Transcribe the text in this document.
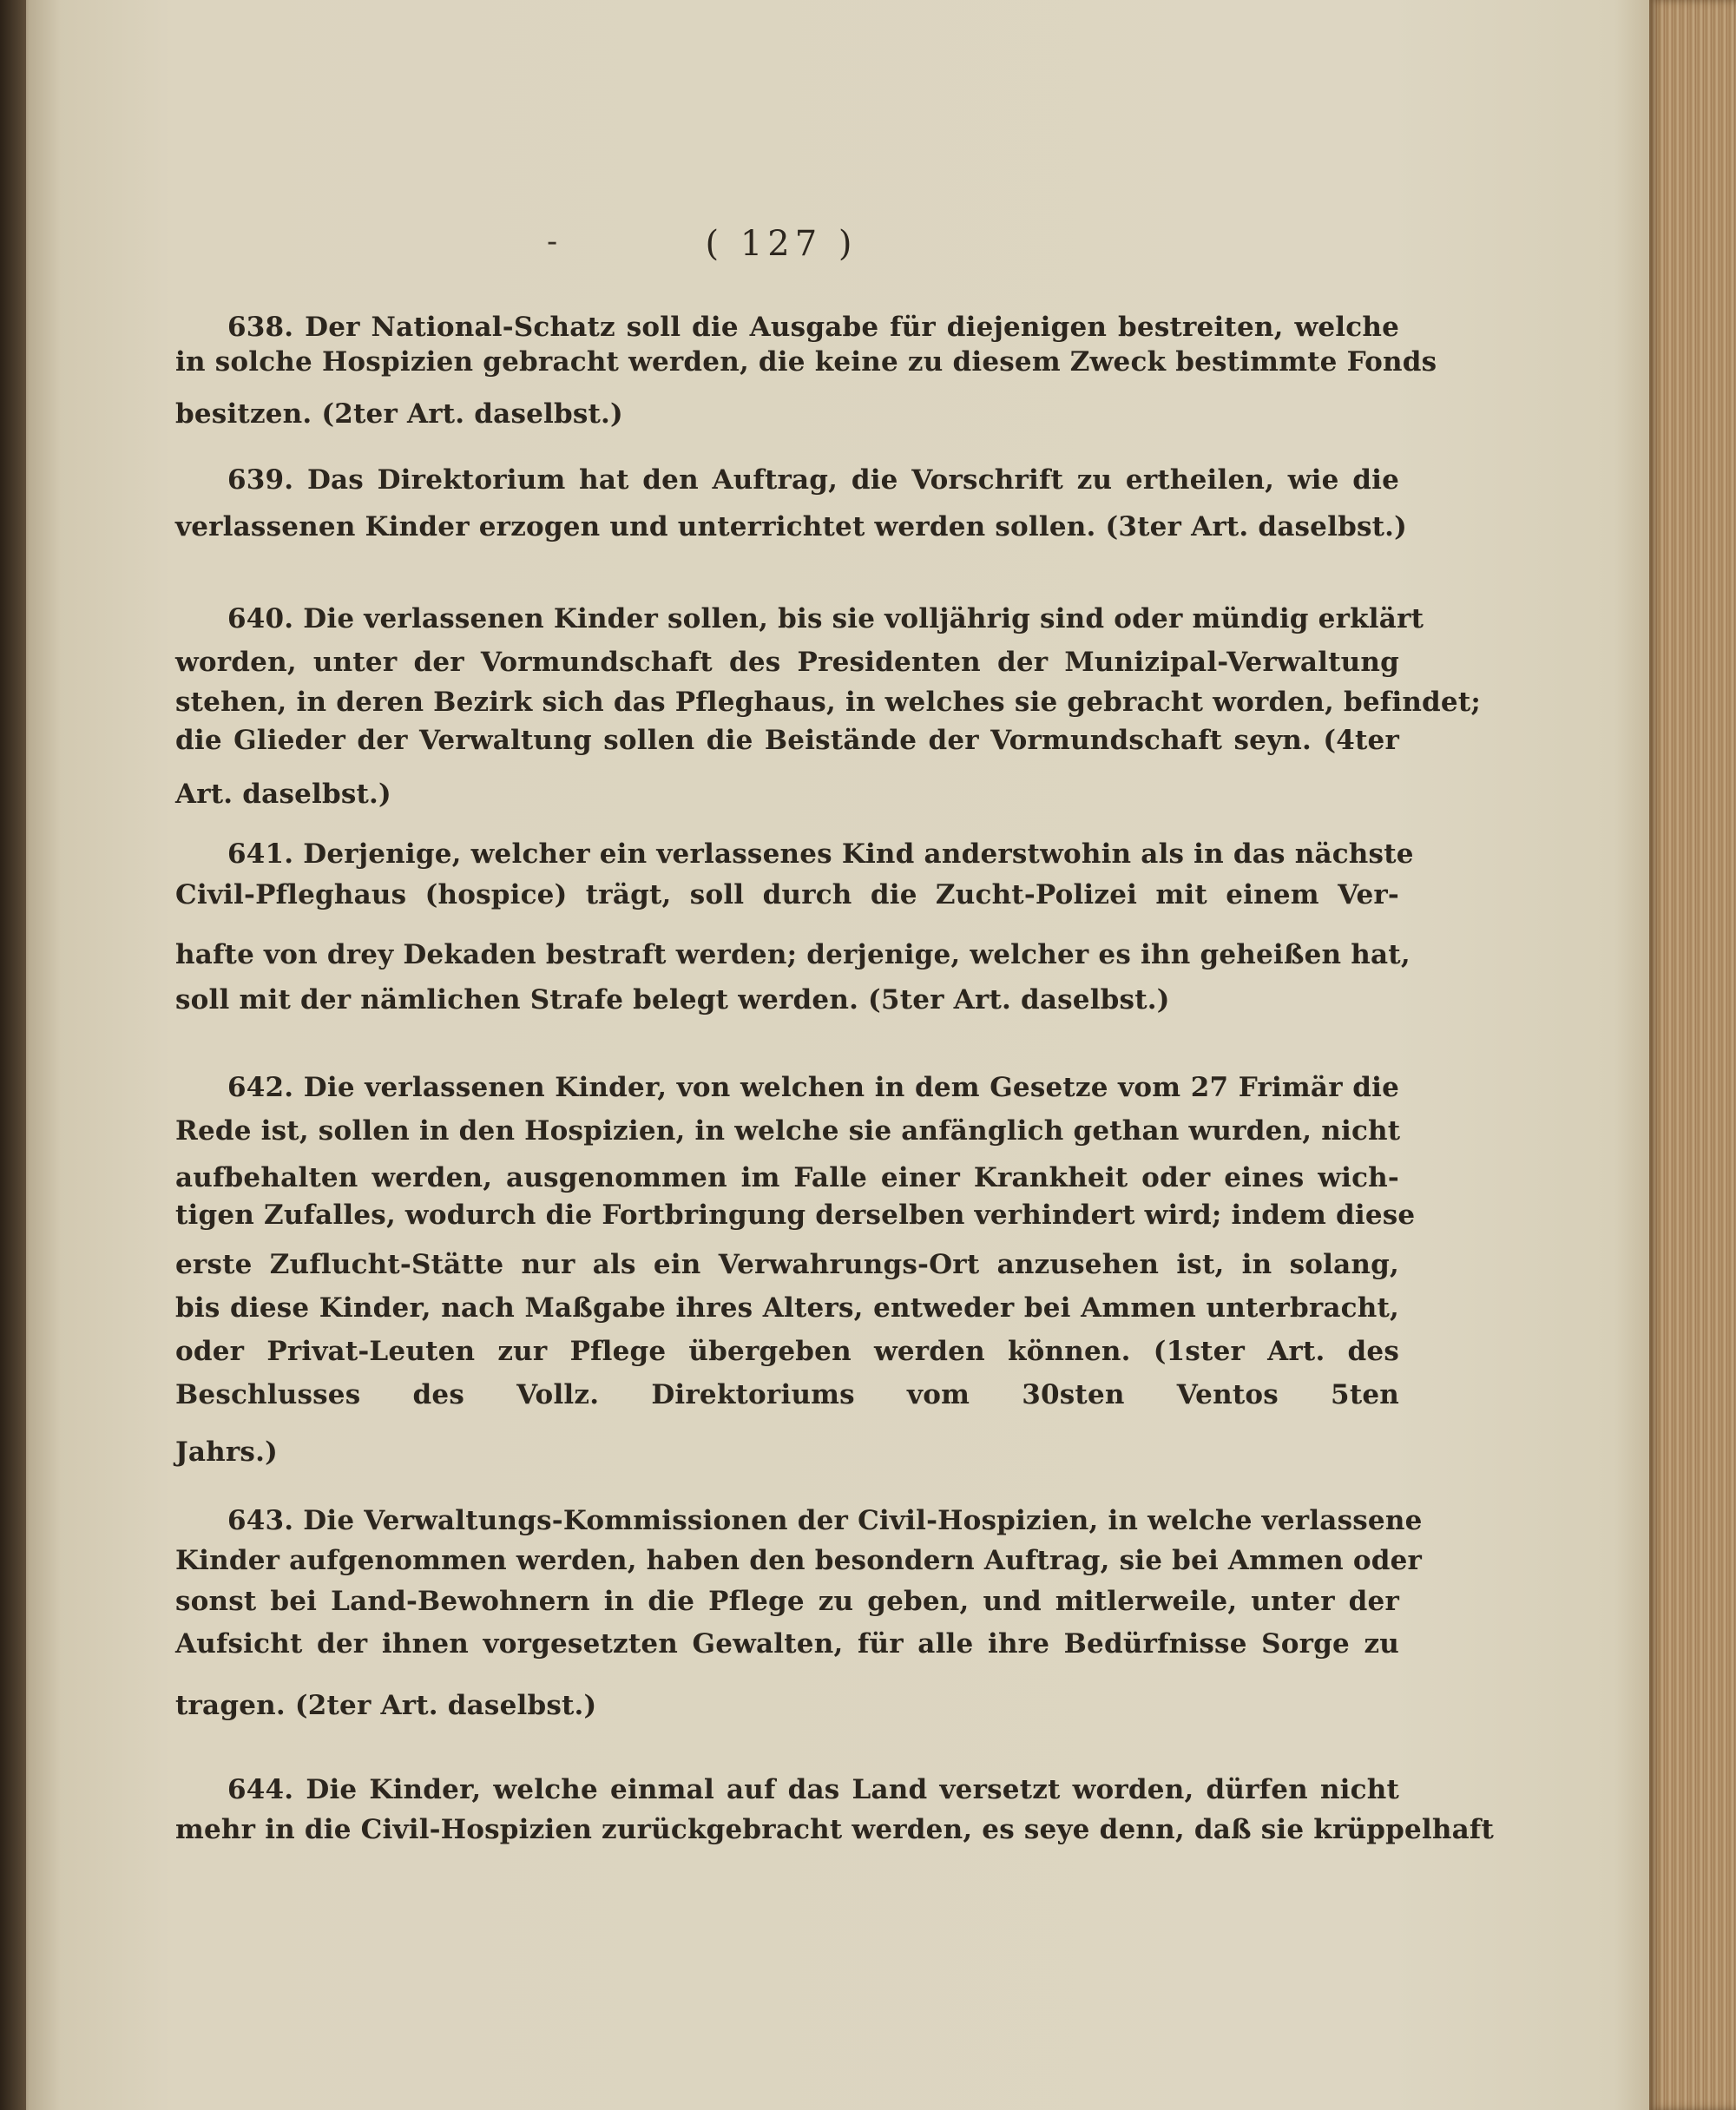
-	( 127 )
638. Der National-Schatz soll die Ausgabe für diejenigen bestreiten, welche
in solche Hospizien gebracht werden, die keine zu diesem Zweck bestimmte Fonds
besitzen. (2ter Art. daselbst.)
639. Das Direktorium hat den Auftrag, die Vorschrift zu ertheilen, wie die
verlassenen Kinder erzogen und unterrichtet werden sollen. (3ter Art. daselbst.)
640. Die verlassenen Kinder sollen, bis sie volljährig sind oder mündig erklärt
worden, unter der Vormundschaft des Presidenten der Munizipal-Verwaltung
stehen, in deren Bezirk sich das Pfleghaus, in welches sie gebracht worden, befindet;
die Glieder der Verwaltung sollen die Beistände der Vormundschaft seyn. (4ter
Art. daselbst.)
641. Derjenige, welcher ein verlassenes Kind anderstwohin als in das nächste
Civil-Pfleghaus (hospice) trägt, soll durch die Zucht-Polizei mit einem Ver-
hafte von drey Dekaden bestraft werden; derjenige, welcher es ihn geheißen hat,
soll mit der nämlichen Strafe belegt werden. (5ter Art. daselbst.)
642. Die verlassenen Kinder, von welchen in dem Gesetze vom 27 Frimär die
Rede ist, sollen in den Hospizien, in welche sie anfänglich gethan wurden, nicht
aufbehalten werden, ausgenommen im Falle einer Krankheit oder eines wich-
tigen Zufalles, wodurch die Fortbringung derselben verhindert wird; indem diese
erste Zuflucht-Stätte nur als ein Verwahrungs-Ort anzusehen ist, in solang,
bis diese Kinder, nach Maßgabe ihres Alters, entweder bei Ammen unterbracht,
oder Privat-Leuten zur Pflege übergeben werden können. (1ster Art. des
Beschlusses des Vollz. Direktoriums vom 30sten Ventos 5ten
Jahrs.)
643. Die Verwaltungs-Kommissionen der Civil-Hospizien, in welche verlassene
Kinder aufgenommen werden, haben den besondern Auftrag, sie bei Ammen oder
sonst bei Land-Bewohnern in die Pflege zu geben, und mitlerweile, unter der
Aufsicht der ihnen vorgesetzten Gewalten, für alle ihre Bedürfnisse Sorge zu
tragen. (2ter Art. daselbst.)
644. Die Kinder, welche einmal auf das Land versetzt worden, dürfen nicht
mehr in die Civil-Hospizien zurückgebracht werden, es seye denn, daß sie krüppelhaft
